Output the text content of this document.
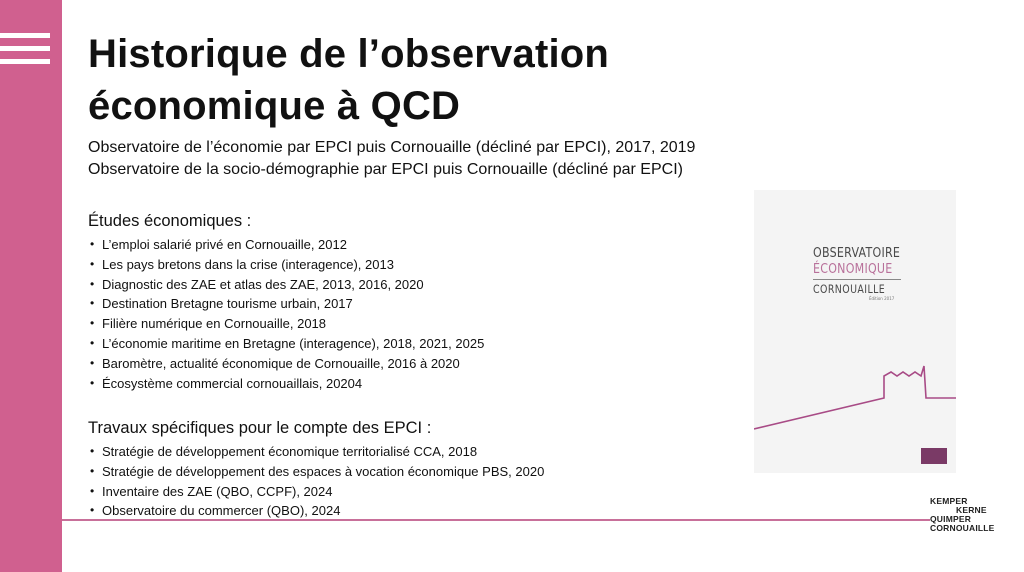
Historique de l’observation
économique à QCD
Observatoire de l’économie par EPCI puis Cornouaille (décliné par EPCI), 2017, 2019
Observatoire de la socio-démographie par EPCI puis Cornouaille (décliné par EPCI)
Études économiques :
• L’emploi salarié privé en Cornouaille, 2012
• Les pays bretons dans la crise (interagence), 2013
• Diagnostic des ZAE et atlas des ZAE, 2013, 2016, 2020
• Destination Bretagne tourisme urbain, 2017
• Filière numérique en Cornouaille, 2018
• L’économie maritime en Bretagne (interagence), 2018, 2021, 2025
• Baromètre, actualité économique de Cornouaille, 2016 à 2020
• Écosystème commercial cornouaillais, 20204
Travaux spécifiques pour le compte des EPCI :
• Stratégie de développement économique territorialisé CCA, 2018
• Stratégie de développement des espaces à vocation économique PBS, 2020
• Inventaire des ZAE (QBO, CCPF), 2024
• Observatoire du commercer (QBO), 2024
OBSERVATOIRE
ÉCONOMIQUE
CORNOUAILLE
Édition 2017
KEMPER
KERNE
QUIMPER
CORNOUAILLE
